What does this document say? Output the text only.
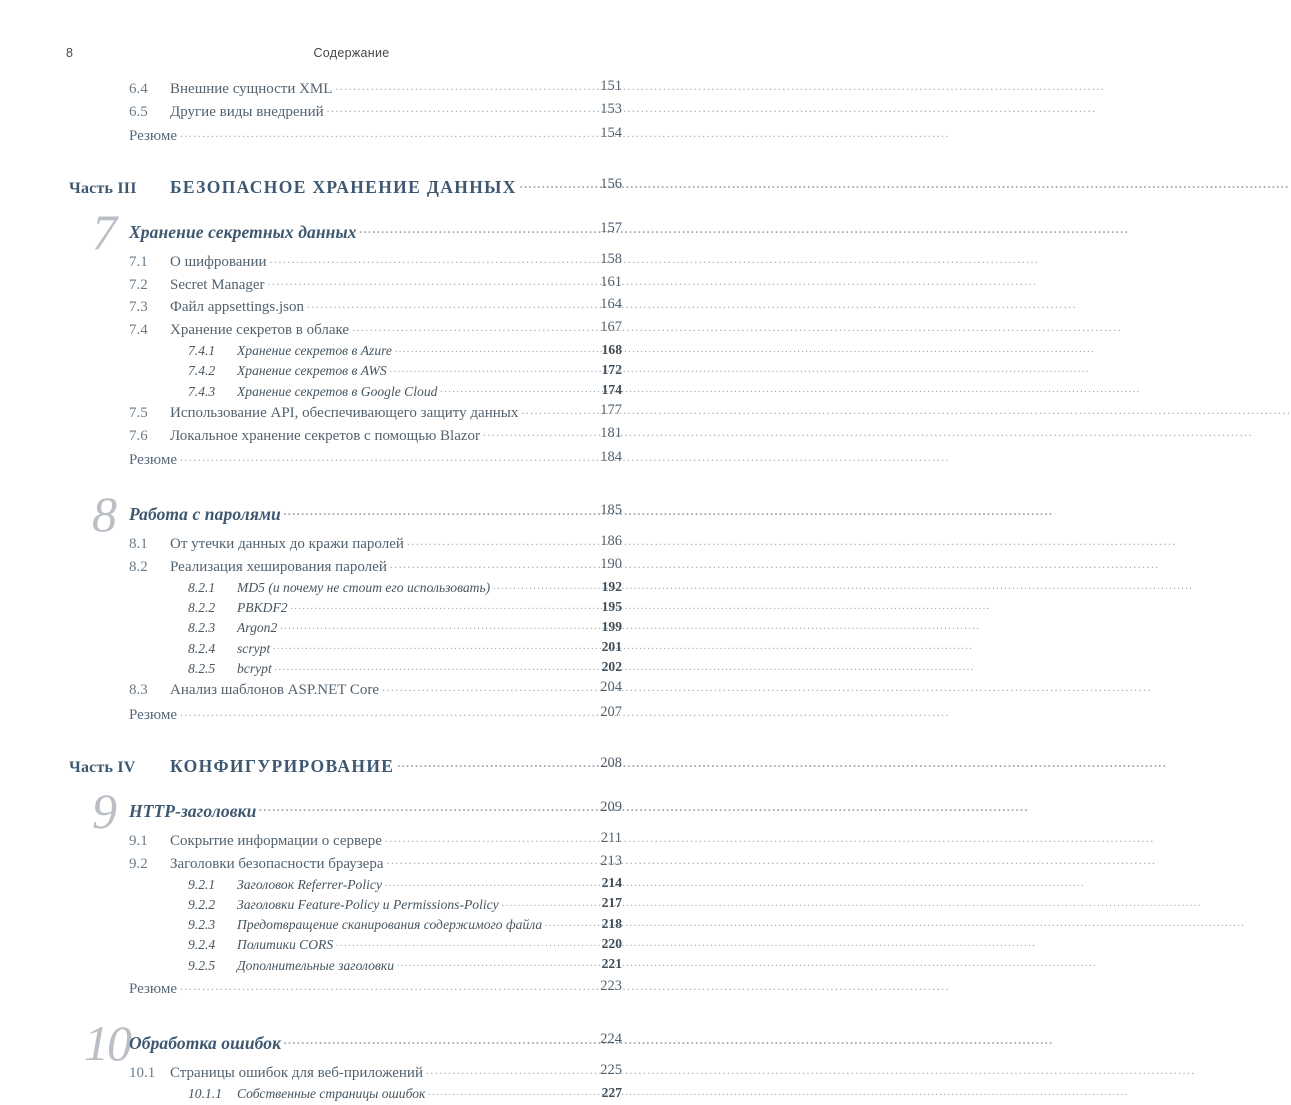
8	Содержание
6.4	Внешние сущности XML .....	151
6.5	Другие виды внедрений .....	153
Резюме .....	154
Часть III	БЕЗОПАСНОЕ ХРАНЕНИЕ ДАННЫХ .....	156
7 Хранение секретных данных .....	157
7.1	О шифровании .....	158
7.2	Secret Manager .....	161
7.3	Файл appsettings.json .....	164
7.4	Хранение секретов в облаке .....	167
7.4.1	Хранение секретов в Azure .....	168
7.4.2	Хранение секретов в AWS .....	172
7.4.3	Хранение секретов в Google Cloud .....	174
7.5	Использование API, обеспечивающего защиту данных .....	177
7.6	Локальное хранение секретов с помощью Blazor .....	181
Резюме .....	184
8 Работа с паролями .....	185
8.1	От утечки данных до кражи паролей .....	186
8.2	Реализация хеширования паролей .....	190
8.2.1	MD5 (и почему не стоит его использовать) .....	192
8.2.2	PBKDF2 .....	195
8.2.3	Argon2 .....	199
8.2.4	scrypt .....	201
8.2.5	bcrypt .....	202
8.3	Анализ шаблонов ASP.NET Core .....	204
Резюме .....	207
Часть IV	КОНФИГУРИРОВАНИЕ .....	208
9 HTTP-заголовки .....	209
9.1	Сокрытие информации о сервере .....	211
9.2	Заголовки безопасности браузера .....	213
9.2.1	Заголовок Referrer-Policy .....	214
9.2.2	Заголовки Feature-Policy и Permissions-Policy .....	217
9.2.3	Предотвращение сканирования содержимого файла .....	218
9.2.4	Политики CORS .....	220
9.2.5	Дополнительные заголовки .....	221
Резюме .....	223
10 Обработка ошибок .....	224
10.1 Страницы ошибок для веб-приложений .....	225
10.1.1	Собственные страницы ошибок .....	227
